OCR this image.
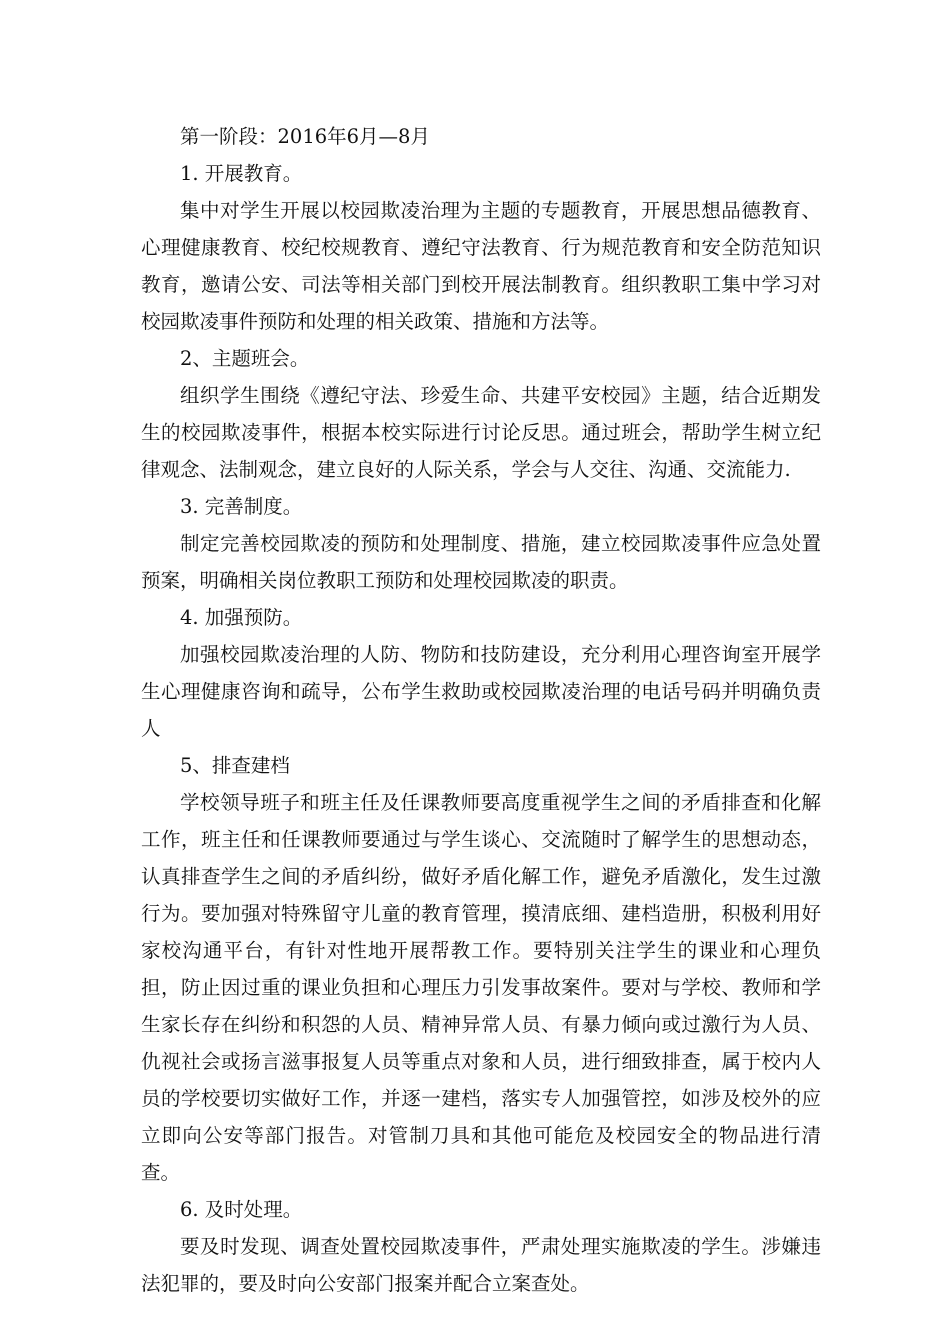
第一阶段：2016年6月—8月

1. 开展教育。

集中对学生开展以校园欺凌治理为主题的专题教育，开展思想品德教育、心理健康教育、校纪校规教育、遵纪守法教育、行为规范教育和安全防范知识教育，邀请公安、司法等相关部门到校开展法制教育。组织教职工集中学习对校园欺凌事件预防和处理的相关政策、措施和方法等。

2、主题班会。

组织学生围绕《遵纪守法、珍爱生命、共建平安校园》主题，结合近期发生的校园欺凌事件，根据本校实际进行讨论反思。通过班会，帮助学生树立纪律观念、法制观念，建立良好的人际关系，学会与人交往、沟通、交流能力.

3. 完善制度。

制定完善校园欺凌的预防和处理制度、措施，建立校园欺凌事件应急处置预案，明确相关岗位教职工预防和处理校园欺凌的职责。

4. 加强预防。

加强校园欺凌治理的人防、物防和技防建设，充分利用心理咨询室开展学生心理健康咨询和疏导，公布学生救助或校园欺凌治理的电话号码并明确负责人

5、排查建档

学校领导班子和班主任及任课教师要高度重视学生之间的矛盾排查和化解工作，班主任和任课教师要通过与学生谈心、交流随时了解学生的思想动态，认真排查学生之间的矛盾纠纷，做好矛盾化解工作，避免矛盾激化，发生过激行为。要加强对特殊留守儿童的教育管理，摸清底细、建档造册，积极利用好家校沟通平台，有针对性地开展帮教工作。要特别关注学生的课业和心理负担，防止因过重的课业负担和心理压力引发事故案件。要对与学校、教师和学生家长存在纠纷和积怨的人员、精神异常人员、有暴力倾向或过激行为人员、仇视社会或扬言滋事报复人员等重点对象和人员，进行细致排查，属于校内人员的学校要切实做好工作，并逐一建档，落实专人加强管控，如涉及校外的应立即向公安等部门报告。对管制刀具和其他可能危及校园安全的物品进行清查。

6. 及时处理。

要及时发现、调查处置校园欺凌事件，严肃处理实施欺凌的学生。涉嫌违法犯罪的，要及时向公安部门报案并配合立案查处。
